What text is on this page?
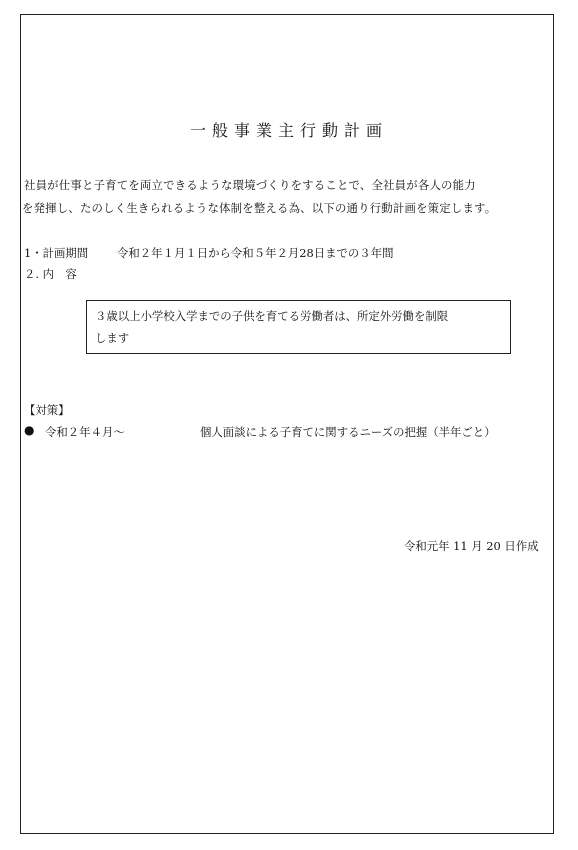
一般事業主行動計画
社員が仕事と子育てを両立できるような環境づくりをすることで、全社員が各人の能力
を発揮し、たのしく生きられるような体制を整える為、以下の通り行動計画を策定します。
1・計画期間	令和２年１月１日から令和５年２月28日までの３年間
２. 内　容
３歳以上小学校入学までの子供を育てる労働者は、所定外労働を制限
します
【対策】
● 令和２年４月～	個人面談による子育てに関するニーズの把握（半年ごと）
令和元年 11 月 20 日作成
